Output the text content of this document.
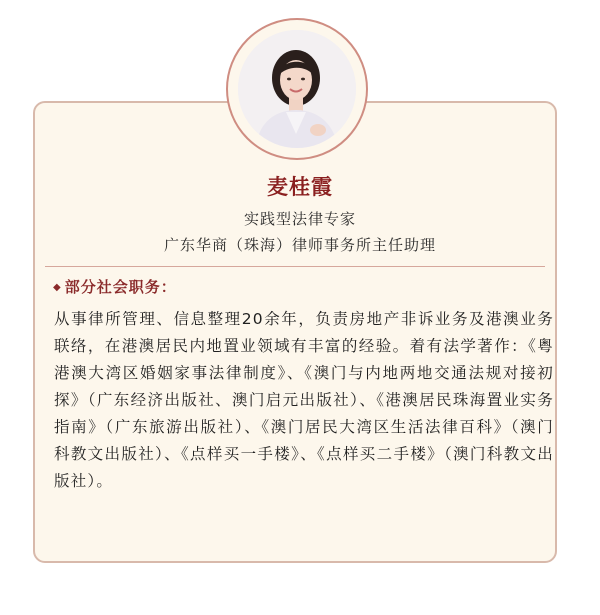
麦桂霞
实践型法律专家
广东华商（珠海）律师事务所主任助理
◆ 部分社会职务：
从事律所管理、信息整理20余年，负责房地产非诉业务及港澳业务联络，在港澳居民内地置业领域有丰富的经验。着有法学著作：《粤港澳大湾区婚姻家事法律制度》、《澳门与内地两地交通法规对接初探》（广东经济出版社、澳门启元出版社）、《港澳居民珠海置业实务指南》（广东旅游出版社）、《澳门居民大湾区生活法律百科》（澳门科教文出版社）、《点样买一手楼》、《点样买二手楼》（澳门科教文出版社）。
